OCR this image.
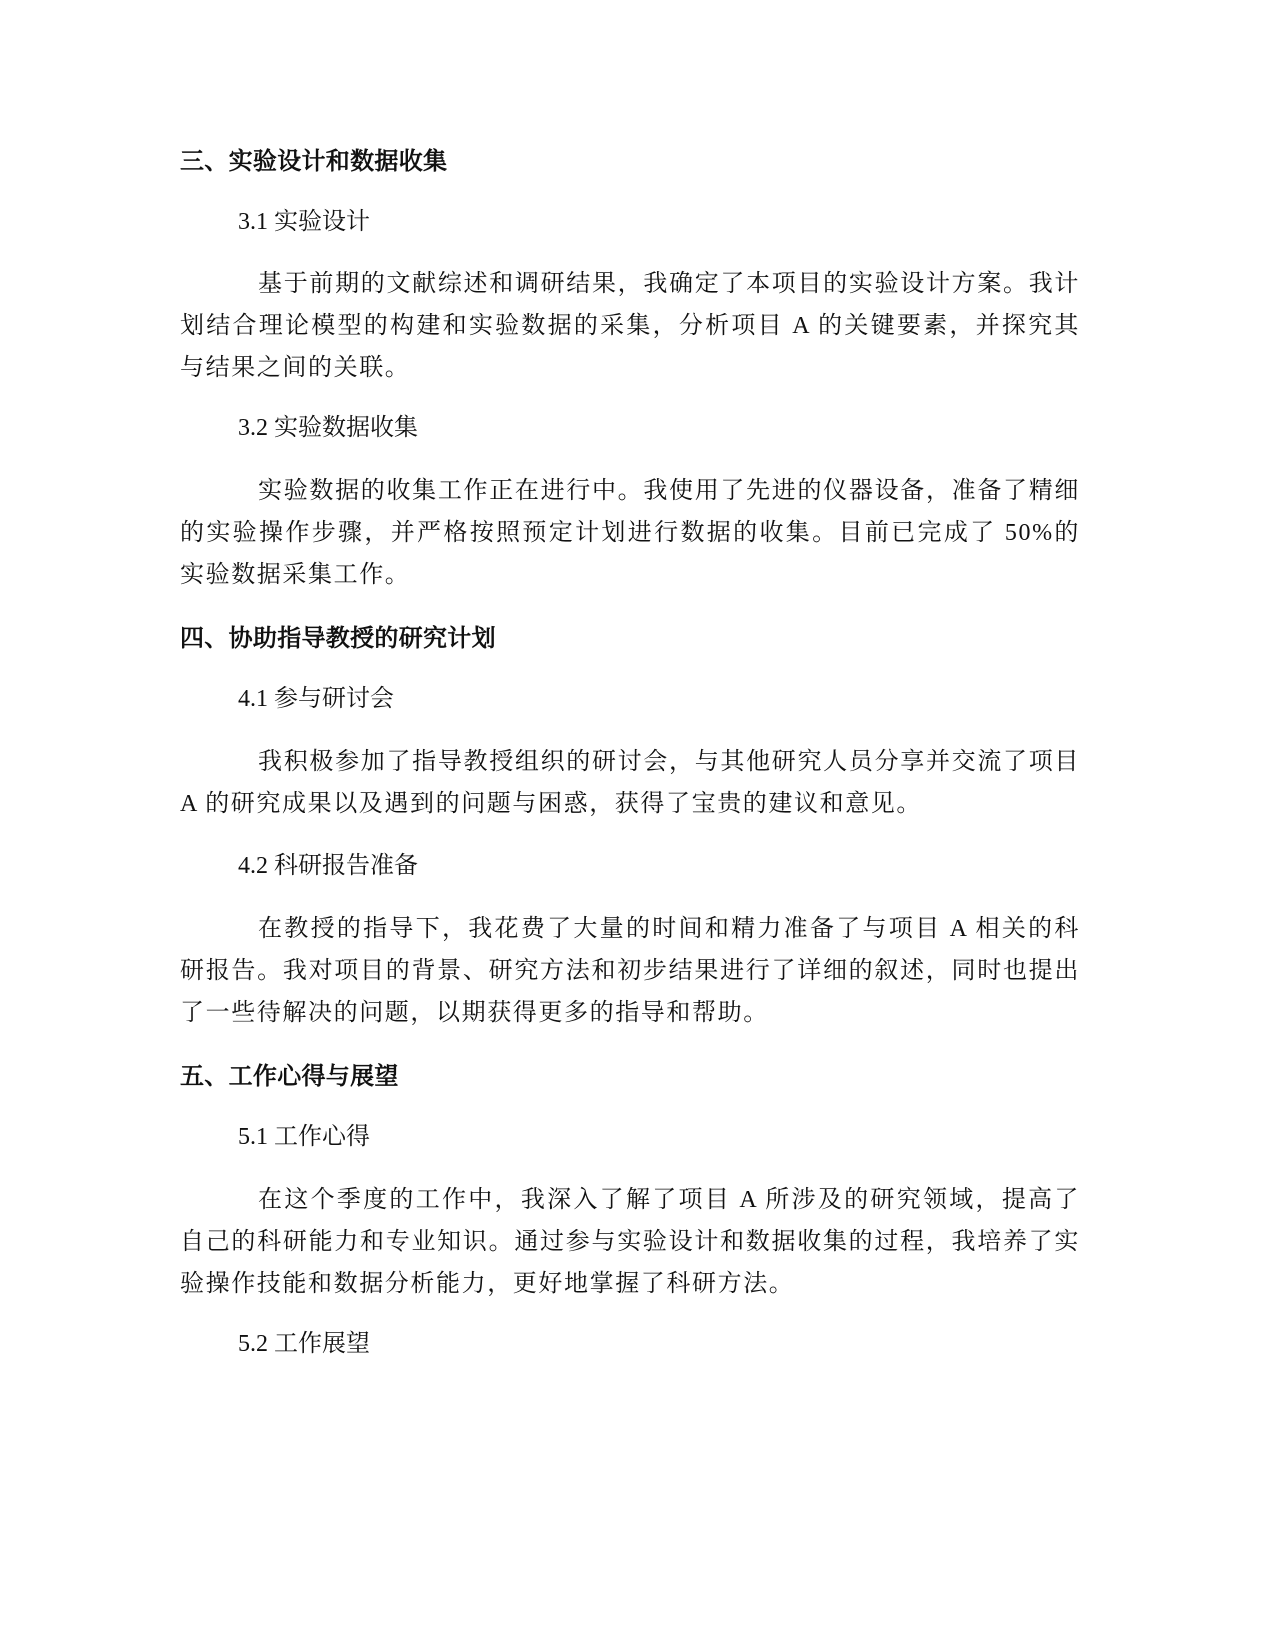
三、实验设计和数据收集
3.1 实验设计

基于前期的文献综述和调研结果，我确定了本项目的实验设计方案。我计划结合理论模型的构建和实验数据的采集，分析项目 A 的关键要素，并探究其与结果之间的关联。

3.2 实验数据收集

实验数据的收集工作正在进行中。我使用了先进的仪器设备，准备了精细的实验操作步骤，并严格按照预定计划进行数据的收集。目前已完成了 50%的实验数据采集工作。

四、协助指导教授的研究计划
4.1 参与研讨会

我积极参加了指导教授组织的研讨会，与其他研究人员分享并交流了项目 A 的研究成果以及遇到的问题与困惑，获得了宝贵的建议和意见。

4.2 科研报告准备

在教授的指导下，我花费了大量的时间和精力准备了与项目 A 相关的科研报告。我对项目的背景、研究方法和初步结果进行了详细的叙述，同时也提出了一些待解决的问题，以期获得更多的指导和帮助。

五、工作心得与展望
5.1 工作心得

在这个季度的工作中，我深入了解了项目 A 所涉及的研究领域，提高了自己的科研能力和专业知识。通过参与实验设计和数据收集的过程，我培养了实验操作技能和数据分析能力，更好地掌握了科研方法。

5.2 工作展望
